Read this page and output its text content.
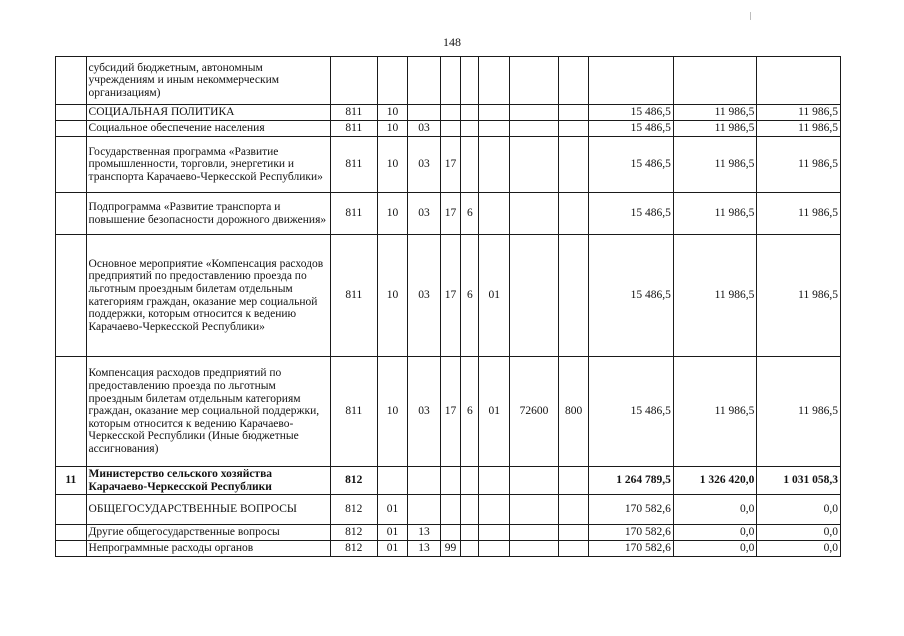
148
	субсидий бюджетным, автономным учреждениям и иным некоммерческим организациям)											
	СОЦИАЛЬНАЯ ПОЛИТИКА	811	10							15 486,5	11 986,5	11 986,5
	Социальное обеспечение населения	811	10	03						15 486,5	11 986,5	11 986,5
	Государственная программа «Развитие промышленности, торговли, энергетики и транспорта Карачаево-Черкесской Республики»	811	10	03	17					15 486,5	11 986,5	11 986,5
	Подпрограмма «Развитие транспорта и повышение безопасности дорожного движения»	811	10	03	17	6				15 486,5	11 986,5	11 986,5
	Основное мероприятие «Компенсация расходов предприятий по предоставлению проезда по льготным проездным билетам отдельным категориям граждан, оказание мер социальной поддержки, которым относится к ведению Карачаево-Черкесской Республики»	811	10	03	17	6	01			15 486,5	11 986,5	11 986,5
	Компенсация расходов предприятий по предоставлению проезда по льготным проездным билетам отдельным категориям граждан, оказание мер социальной поддержки, которым относится к ведению Карачаево-Черкесской Республики (Иные бюджетные ассигнования)	811	10	03	17	6	01	72600	800	15 486,5	11 986,5	11 986,5
11	Министерство сельского хозяйства Карачаево-Черкесской Республики	812								1 264 789,5	1 326 420,0	1 031 058,3
	ОБЩЕГОСУДАРСТВЕННЫЕ ВОПРОСЫ	812	01							170 582,6	0,0	0,0
	Другие общегосударственные вопросы	812	01	13						170 582,6	0,0	0,0
	Непрограммные расходы органов	812	01	13	99					170 582,6	0,0	0,0
